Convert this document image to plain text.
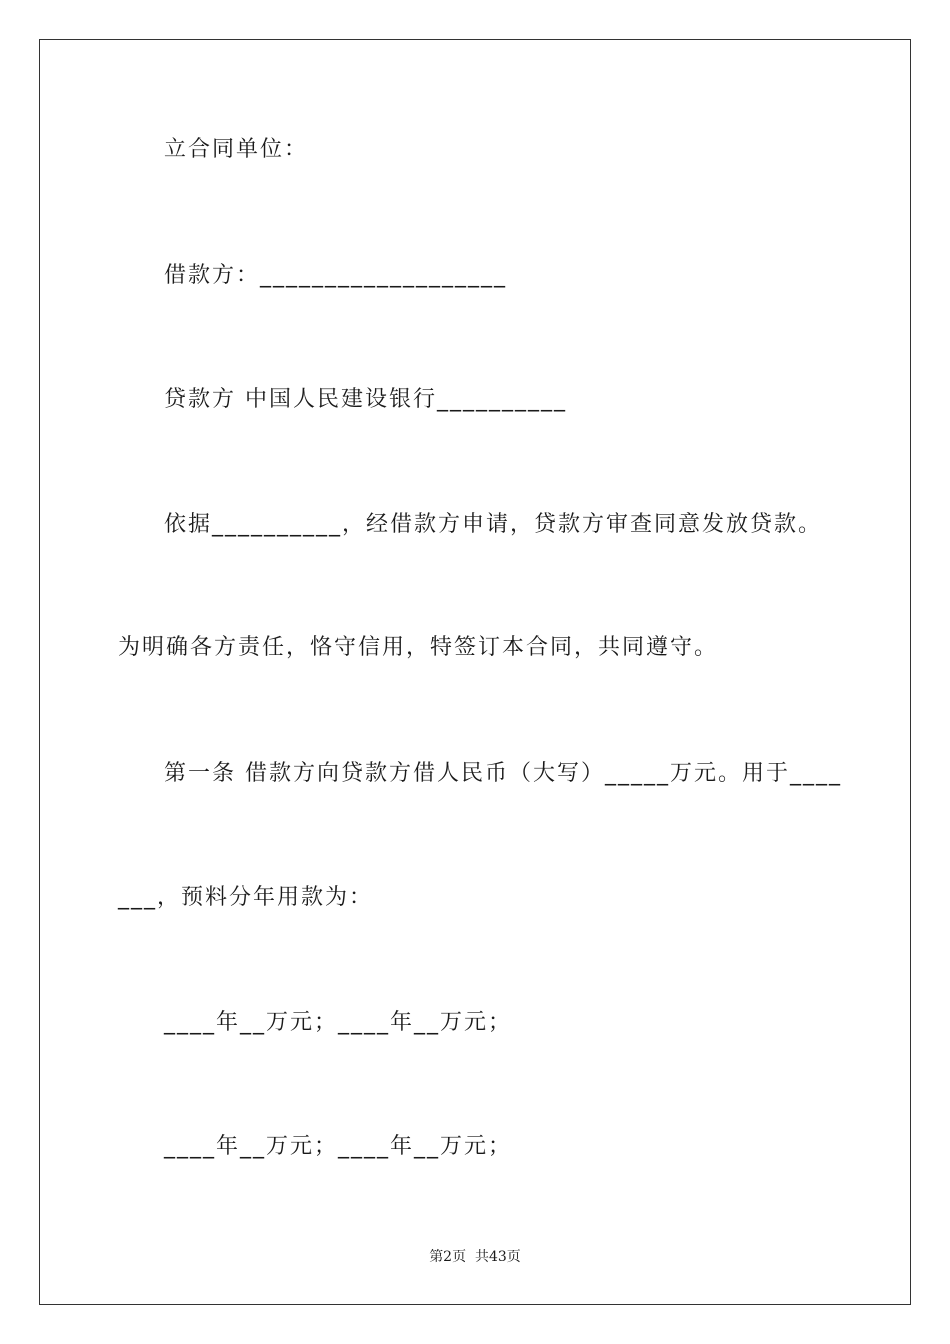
立合同单位：
借款方：___________________
贷款方 中国人民建设银行__________
依据__________，经借款方申请，贷款方审查同意发放贷款。
为明确各方责任，恪守信用，特签订本合同，共同遵守。
第一条 借款方向贷款方借人民币（大写）_____万元。用于____
___，预料分年用款为：
____年__万元；____年__万元；
____年__万元；____年__万元；
第2页  共43页
